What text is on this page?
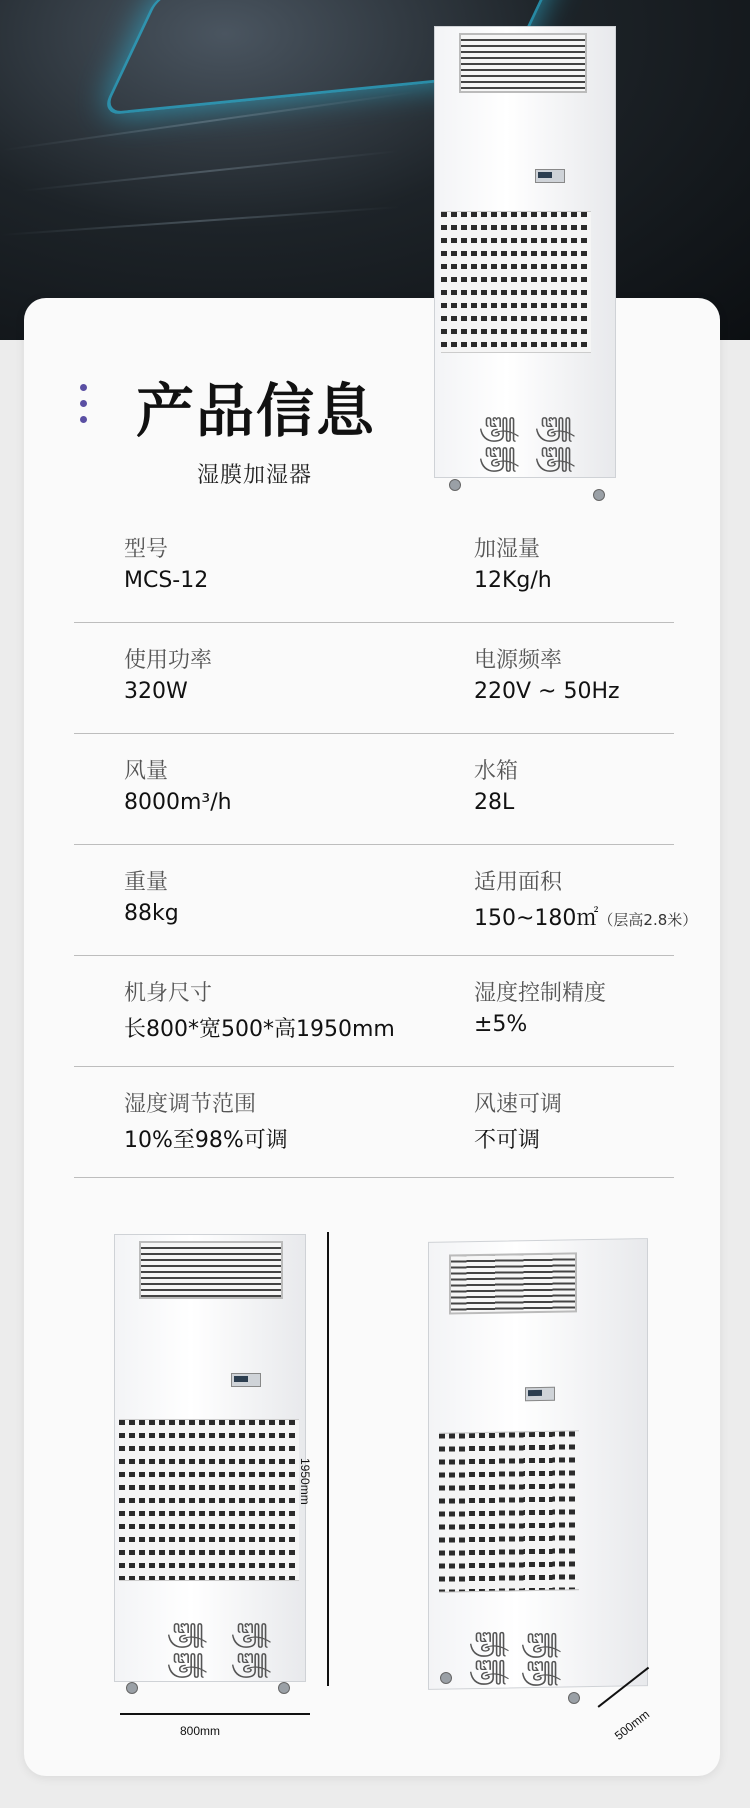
产品信息
湿膜加湿器
型号
MCS-12
加湿量
12Kg/h
使用功率
320W
电源频率
220V ~ 50Hz
风量
8000m³/h
水箱
28L
重量
88kg
适用面积
150~180㎡（层高2.8米）
机身尺寸
长800*宽500*高1950mm
湿度控制精度
±5%
湿度调节范围
10%至98%可调
风速可调
不可调
꧃ ꧃
꧃ ꧃
꧃ ꧃
꧃ ꧃
1950mm
800mm
꧃ ꧃
꧃ ꧃
500mm
